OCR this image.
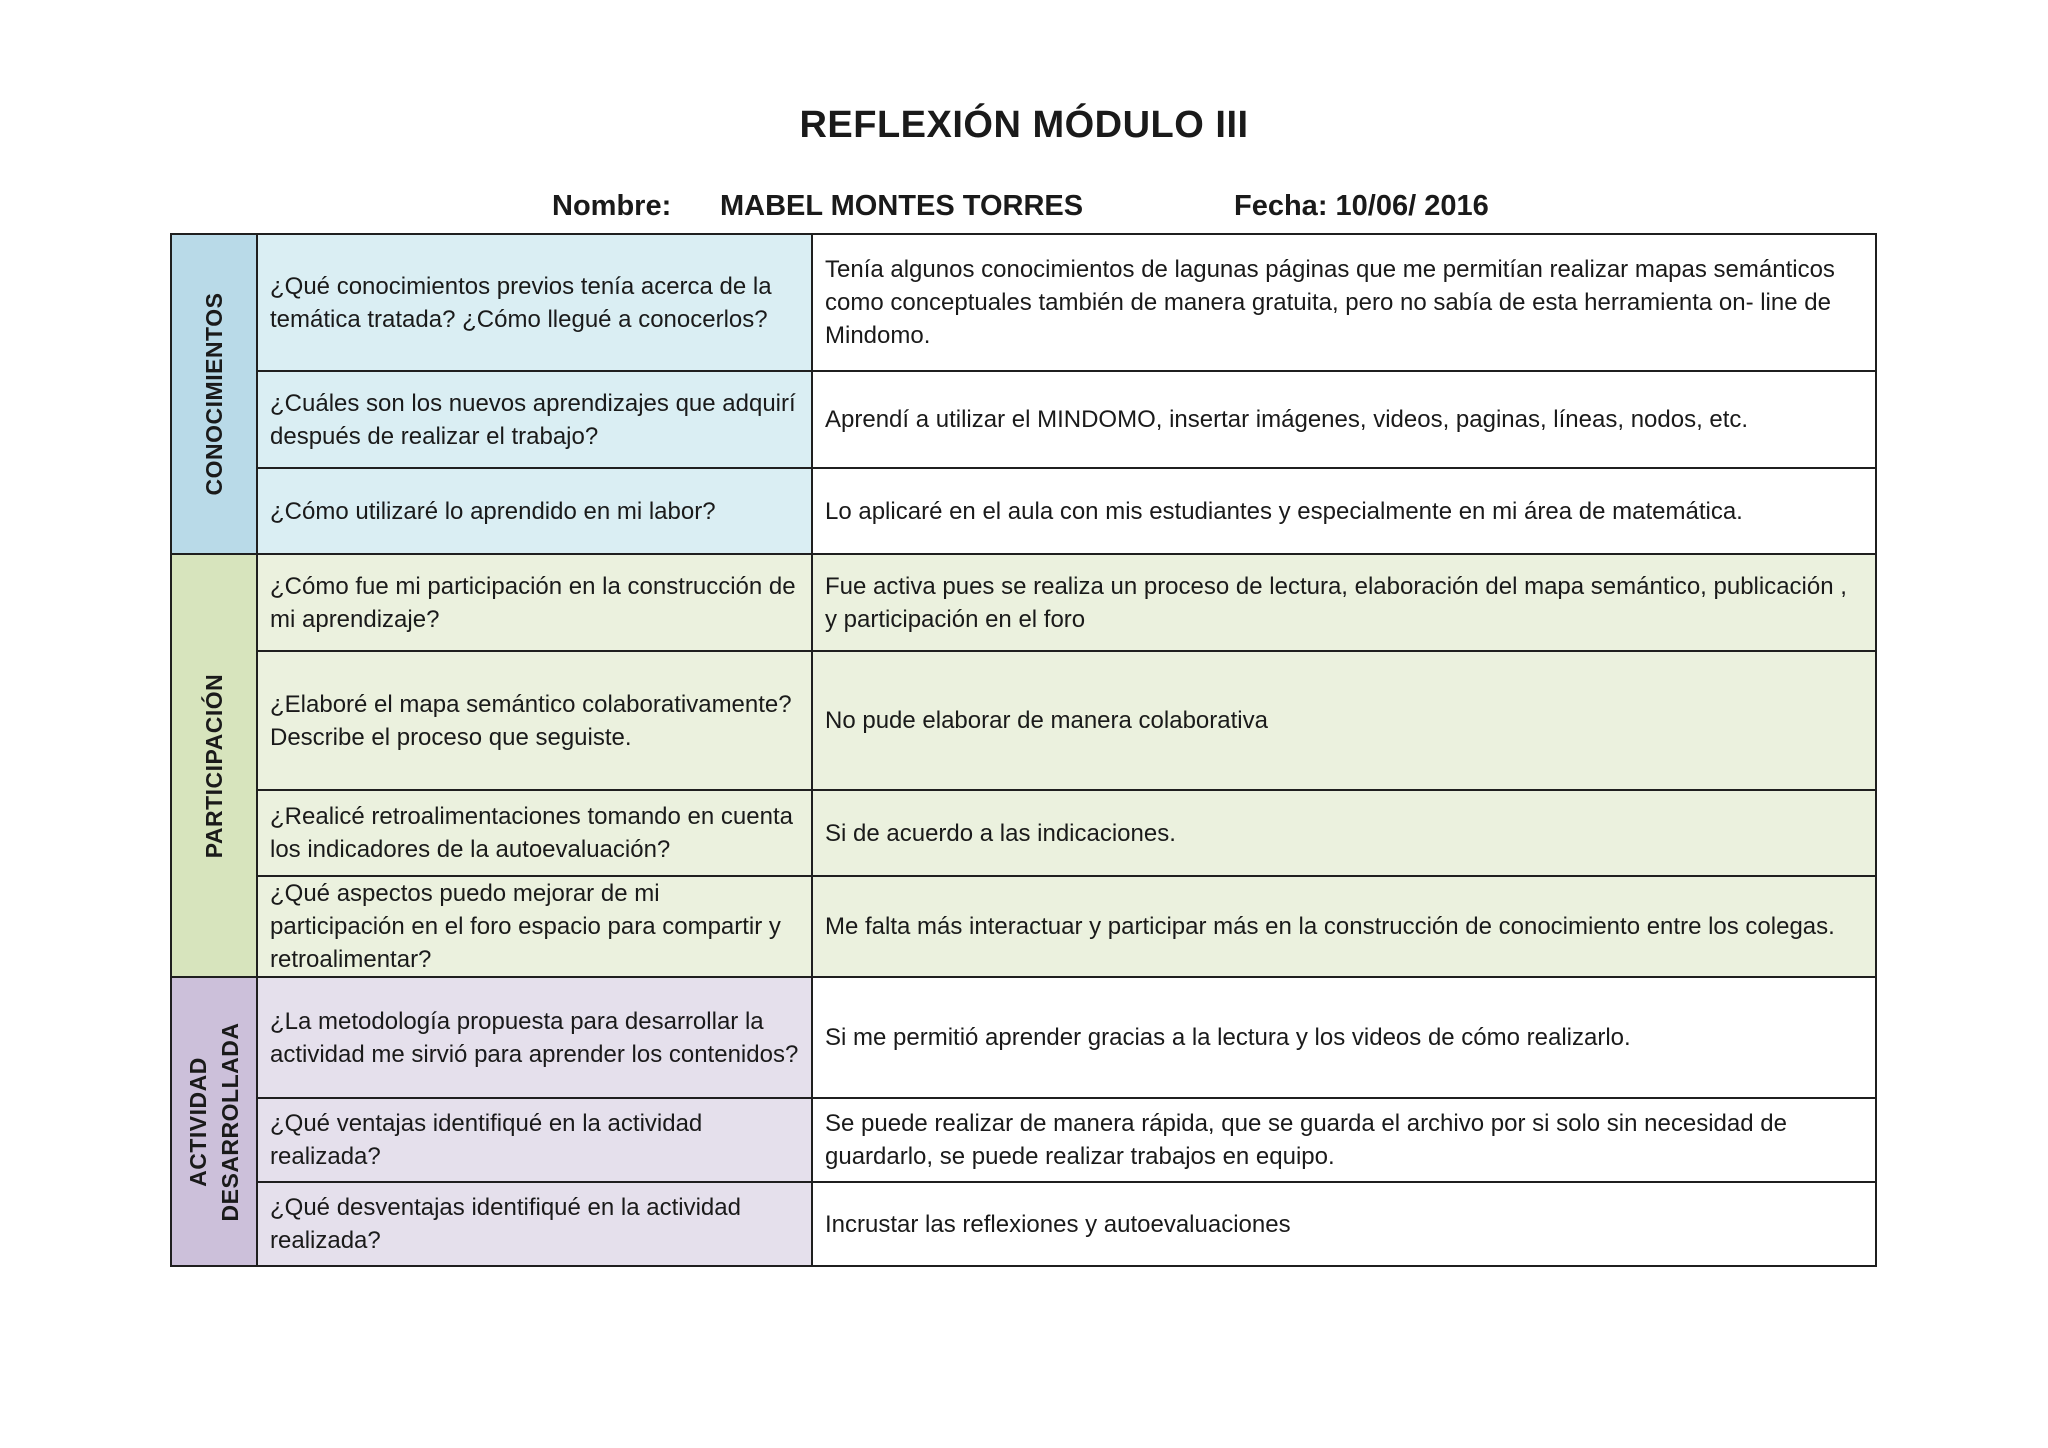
REFLEXIÓN MÓDULO III
Nombre: MABEL MONTES TORRES	Fecha: 10/06/ 2016
CONOCIMIENTOS	¿Qué conocimientos previos tenía acerca de la temática tratada? ¿Cómo llegué a conocerlos?	Tenía algunos conocimientos de lagunas páginas que me permitían realizar mapas semánticos como conceptuales también de manera gratuita, pero no sabía de esta herramienta on- line de Mindomo.
	¿Cuáles son los nuevos aprendizajes que adquirí después de realizar el trabajo?	Aprendí a utilizar el MINDOMO, insertar imágenes, videos, paginas, líneas, nodos, etc.
	¿Cómo utilizaré lo aprendido en mi labor?	Lo aplicaré en el aula con mis estudiantes y especialmente en mi área de matemática.

PARTICIPACIÓN	¿Cómo fue mi participación en la construcción de mi aprendizaje?	Fue activa pues se realiza un proceso de lectura, elaboración del mapa semántico, publicación , y participación en el foro
	¿Elaboré el mapa semántico colaborativamente? Describe el proceso que seguiste.	No pude elaborar de manera colaborativa
	¿Realicé retroalimentaciones tomando en cuenta los indicadores de la autoevaluación?	Si de acuerdo a las indicaciones.
	¿Qué aspectos puedo mejorar de mi participación en el foro espacio para compartir y retroalimentar?	Me falta más interactuar y participar más en la construcción de conocimiento entre los colegas.

ACTIVIDAD DESARROLLADA	¿La metodología propuesta para desarrollar la actividad me sirvió para aprender los contenidos?	Si me permitió aprender gracias a la lectura y los videos de cómo realizarlo.
	¿Qué ventajas identifiqué en la actividad realizada?	Se puede realizar de manera rápida, que se guarda el archivo por si solo sin necesidad de guardarlo, se puede realizar trabajos en equipo.
	¿Qué desventajas identifiqué en la actividad realizada?	Incrustar las reflexiones y autoevaluaciones
